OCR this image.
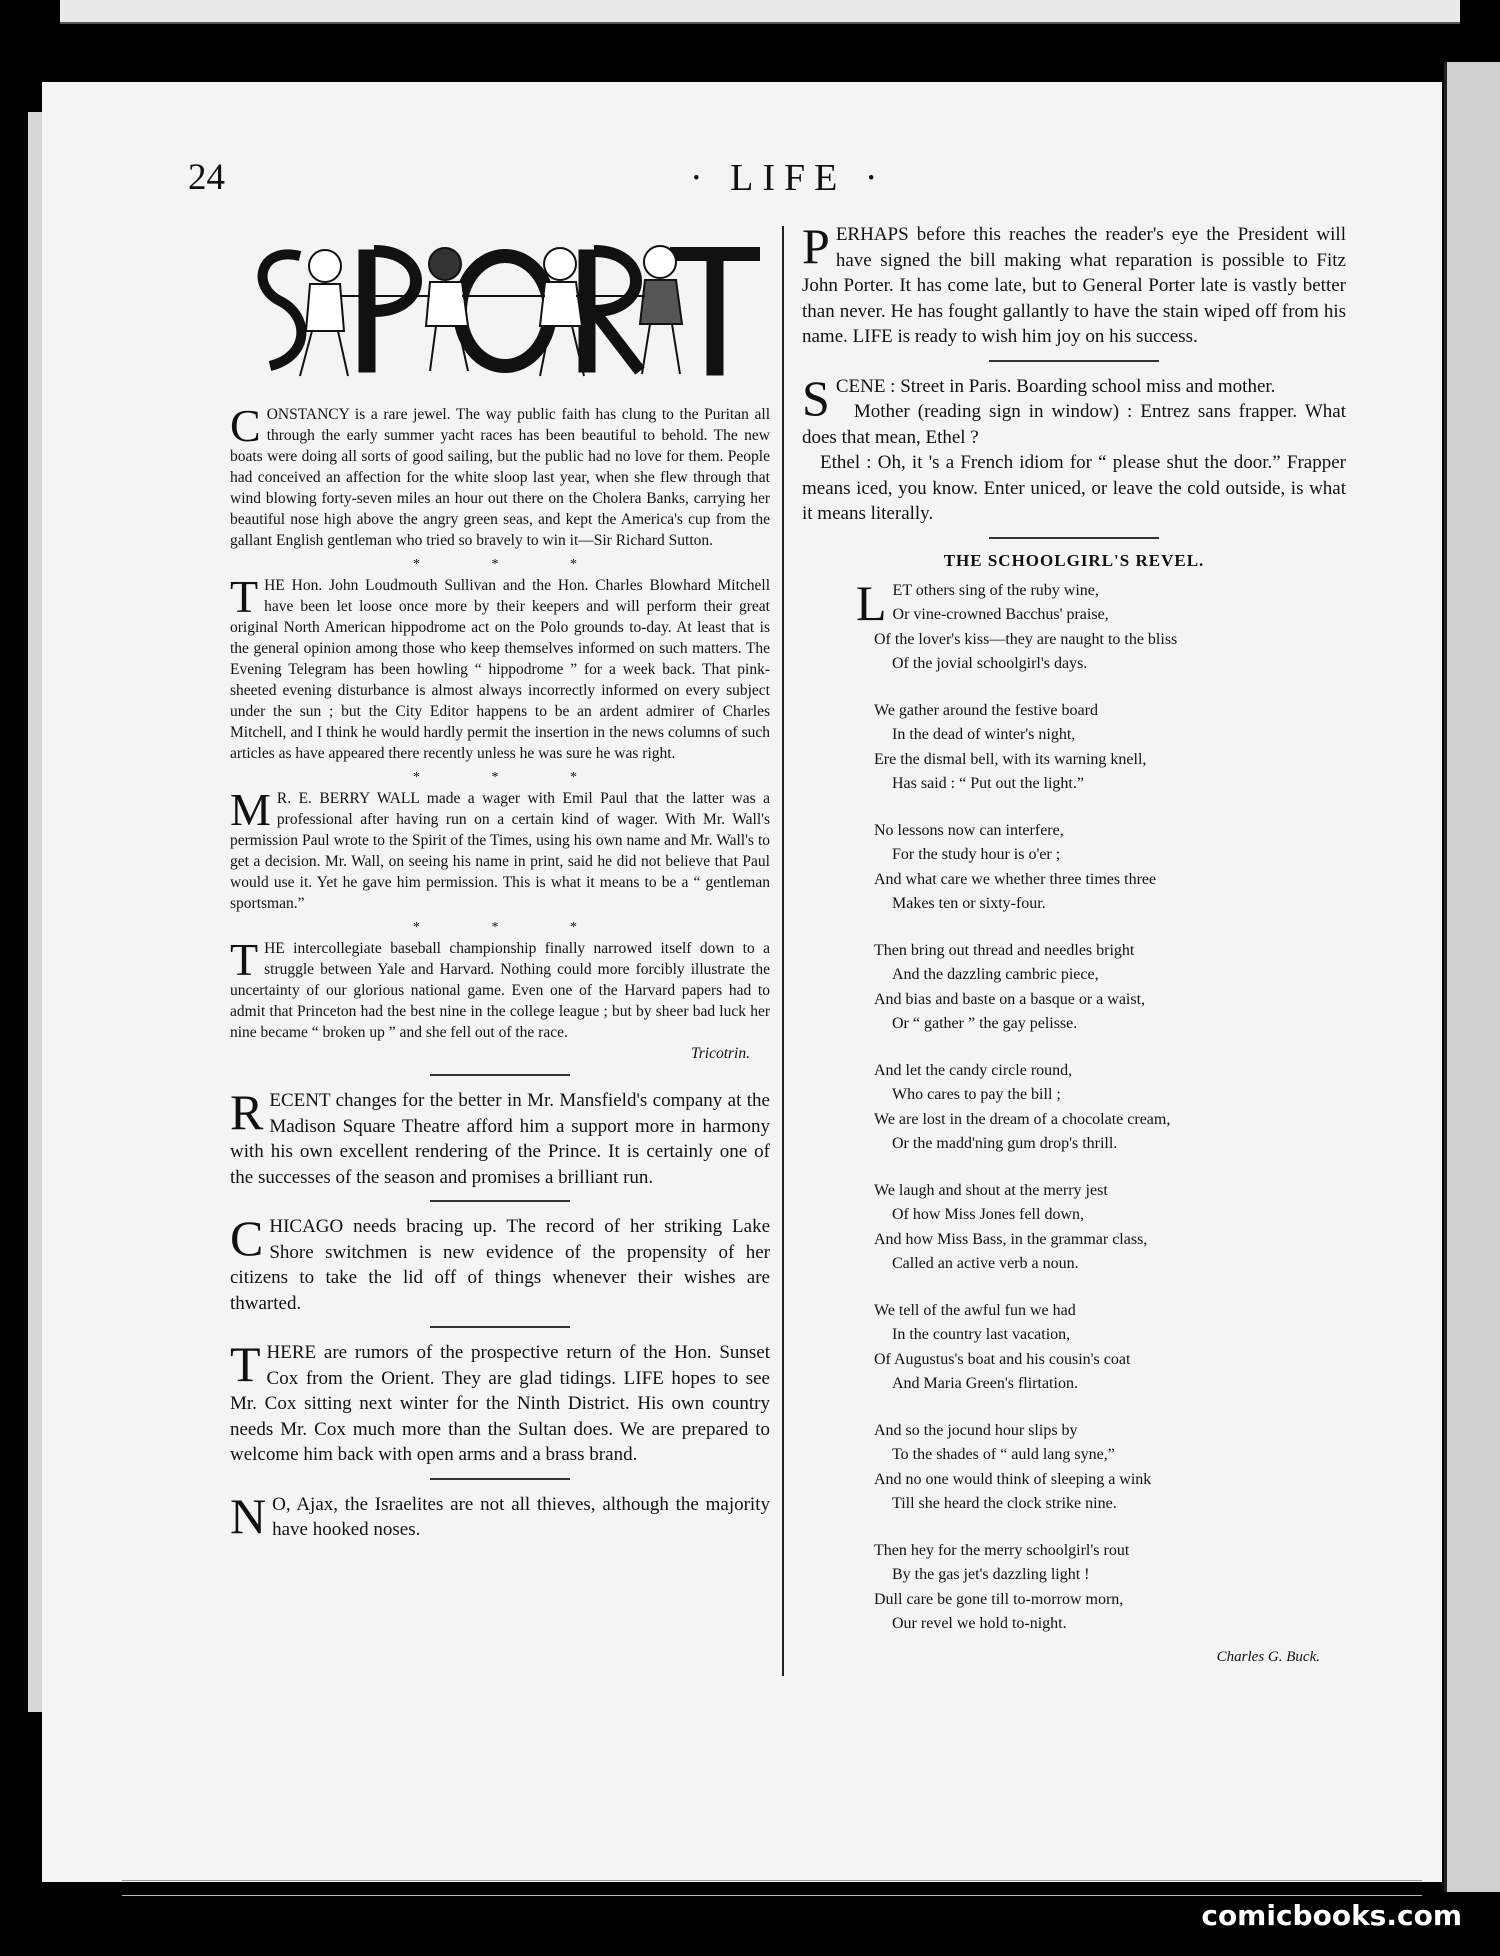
24	· LIFE ·

CONSTANCY is a rare jewel. The way public faith has clung to the Puritan all through the early summer yacht races has been beautiful to behold. The new boats were doing all sorts of good sailing, but the public had no love for them. People had conceived an affection for the white sloop last year, when she flew through that wind blowing forty-seven miles an hour out there on the Cholera Banks, carrying her beautiful nose high above the angry green seas, and kept the America's cup from the gallant English gentleman who tried so bravely to win it—Sir Richard Sutton.

* * *

THE Hon. John Loudmouth Sullivan and the Hon. Charles Blowhard Mitchell have been let loose once more by their keepers and will perform their great original North American hippodrome act on the Polo grounds to-day. At least that is the general opinion among those who keep themselves informed on such matters. The Evening Telegram has been howling “ hippodrome ” for a week back. That pink-sheeted evening disturbance is almost always incorrectly informed on every subject under the sun ; but the City Editor happens to be an ardent admirer of Charles Mitchell, and I think he would hardly permit the insertion in the news columns of such articles as have appeared there recently unless he was sure he was right.

* * *

M R. E. BERRY WALL made a wager with Emil Paul that the latter was a professional after having run on a certain kind of wager. With Mr. Wall's permission Paul wrote to the Spirit of the Times, using his own name and Mr. Wall's to get a decision. Mr. Wall, on seeing his name in print, said he did not believe that Paul would use it. Yet he gave him permission. This is what it means to be a “ gentleman sportsman.”

* * *

THE intercollegiate baseball championship finally narrowed itself down to a struggle between Yale and Harvard. Nothing could more forcibly illustrate the uncertainty of our glorious national game. Even one of the Harvard papers had to admit that Princeton had the best nine in the college league ; but by sheer bad luck her nine became “ broken up ” and she fell out of the race.

Tricotrin.

RECENT changes for the better in Mr. Mansfield's company at the Madison Square Theatre afford him a support more in harmony with his own excellent rendering of the Prince. It is certainly one of the successes of the season and promises a brilliant run.

CHICAGO needs bracing up. The record of her striking Lake Shore switchmen is new evidence of the propensity of her citizens to take the lid off of things whenever their wishes are thwarted.

THERE are rumors of the prospective return of the Hon. Sunset Cox from the Orient. They are glad tidings. LIFE hopes to see Mr. Cox sitting next winter for the Ninth District. His own country needs Mr. Cox much more than the Sultan does. We are prepared to welcome him back with open arms and a brass brand.

N O, Ajax, the Israelites are not all thieves, although the majority have hooked noses.

PERHAPS before this reaches the reader's eye the President will have signed the bill making what reparation is possible to Fitz John Porter. It has come late, but to General Porter late is vastly better than never. He has fought gallantly to have the stain wiped off from his name. LIFE is ready to wish him joy on his success.

SCENE : Street in Paris. Boarding school miss and mother.

Mother (reading sign in window) : Entrez sans frapper. What does that mean, Ethel ?

Ethel : Oh, it 's a French idiom for “ please shut the door.” Frapper means iced, you know. Enter uniced, or leave the cold outside, is what it means literally.

THE SCHOOLGIRL'S REVEL.
LET others sing of the ruby wine,
Or vine-crowned Bacchus' praise,
Of the lover's kiss—they are naught to the bliss
Of the jovial schoolgirl's days.
We gather around the festive board
In the dead of winter's night,
Ere the dismal bell, with its warning knell,
Has said : “ Put out the light.”
No lessons now can interfere,
For the study hour is o'er ;
And what care we whether three times three
Makes ten or sixty-four.
Then bring out thread and needles bright
And the dazzling cambric piece,
And bias and baste on a basque or a waist,
Or “ gather ” the gay pelisse.
And let the candy circle round,
Who cares to pay the bill ;
We are lost in the dream of a chocolate cream,
Or the madd'ning gum drop's thrill.
We laugh and shout at the merry jest
Of how Miss Jones fell down,
And how Miss Bass, in the grammar class,
Called an active verb a noun.
We tell of the awful fun we had
In the country last vacation,
Of Augustus's boat and his cousin's coat
And Maria Green's flirtation.
And so the jocund hour slips by
To the shades of “ auld lang syne,”
And no one would think of sleeping a wink
Till she heard the clock strike nine.
Then hey for the merry schoolgirl's rout
By the gas jet's dazzling light !
Dull care be gone till to-morrow morn,
Our revel we hold to-night.
Charles G. Buck.
comicbooks.com
